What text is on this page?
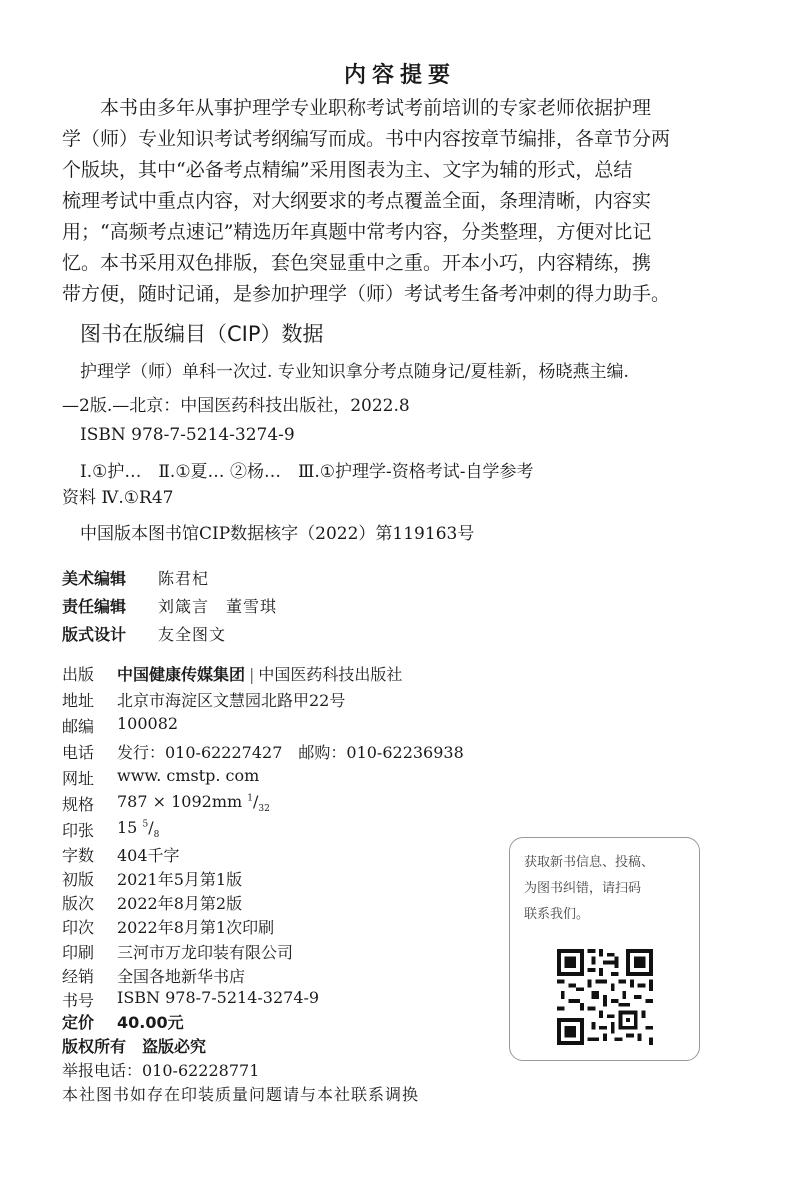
内容提要

本书由多年从事护理学专业职称考试考前培训的专家老师依据护理

学（师）专业知识考试考纲编写而成。书中内容按章节编排，各章节分两

个版块，其中“必备考点精编”采用图表为主、文字为辅的形式，总结

梳理考试中重点内容，对大纲要求的考点覆盖全面，条理清晰，内容实

用；“高频考点速记”精选历年真题中常考内容，分类整理，方便对比记

忆。本书采用双色排版，套色突显重中之重。开本小巧，内容精练，携

带方便，随时记诵，是参加护理学（师）考试考生备考冲刺的得力助手。

图书在版编目（CIP）数据
护理学（师）单科一次过. 专业知识拿分考点随身记/夏桂新，杨晓燕主编.
—2版.—北京：中国医药科技出版社，2022.8
ISBN 978-7-5214-3274-9
Ⅰ.①护…　Ⅱ.①夏… ②杨…　Ⅲ.①护理学-资格考试-自学参考
资料 Ⅳ.①R47
中国版本图书馆CIP数据核字（2022）第119163号
美术编辑 陈君杞
责任编辑 刘箴言　董雪琪
版式设计 友全图文
出版 中国健康传媒集团 | 中国医药科技出版社
地址 北京市海淀区文慧园北路甲22号
邮编 100082
电话 发行：010-62227427　邮购：010-62236938
网址 www. cmstp. com
规格 787 × 1092mm $^1/_{32}$
印张 15 $^5/_8$
字数 404千字
初版 2021年5月第1版
版次 2022年8月第2版
印次 2022年8月第1次印刷
印刷 三河市万龙印装有限公司
经销 全国各地新华书店
书号 ISBN 978-7-5214-3274-9
定价 40.00元
版权所有　盗版必究
举报电话：010-62228771
本社图书如存在印装质量问题请与本社联系调换
获取新书信息、投稿、
为图书纠错，请扫码
联系我们。
